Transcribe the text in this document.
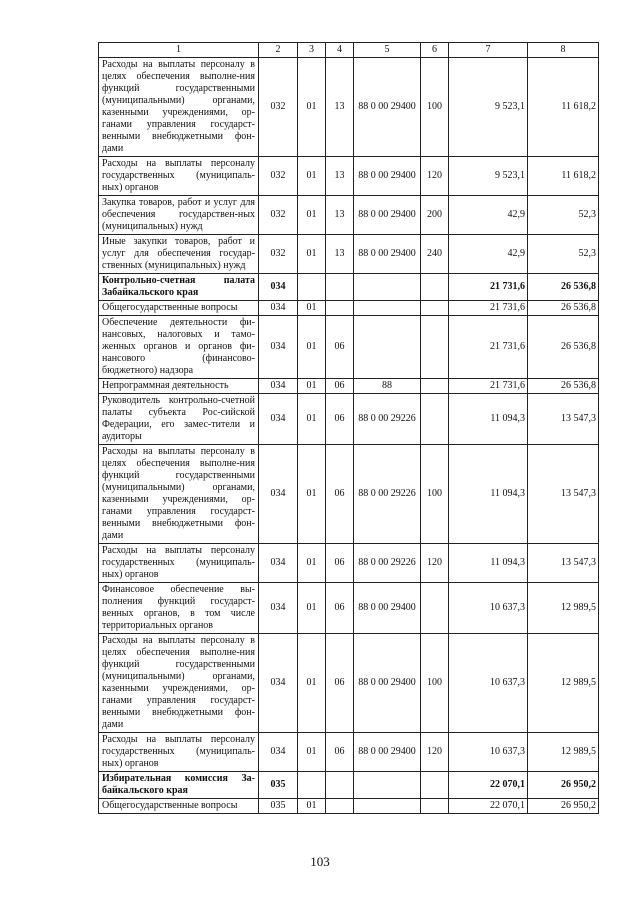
1	2	3	4	5	6	7	8
Расходы на выплаты персоналу в целях обеспечения выполне-ния функций государственными (муниципальными) органами, казенными учреждениями, ор-ганами управления государст-венными внебюджетными фон-дами	032	01	13	88 0 00 29400	100	9 523,1	11 618,2
Расходы на выплаты персоналу государственных (муниципаль-ных) органов	032	01	13	88 0 00 29400	120	9 523,1	11 618,2
Закупка товаров, работ и услуг для обеспечения государствен-ных (муниципальных) нужд	032	01	13	88 0 00 29400	200	42,9	52,3
Иные закупки товаров, работ и услуг для обеспечения государ-ственных (муниципальных) нужд	032	01	13	88 0 00 29400	240	42,9	52,3
Контрольно-счетная палата Забайкальского края	034					21 731,6	26 536,8
Общегосударственные вопросы	034	01				21 731,6	26 536,8
Обеспечение деятельности фи-нансовых, налоговых и тамо-женных органов и органов фи-нансового (финансово-бюджетного) надзора	034	01	06			21 731,6	26 536,8
Непрограммная деятельность	034	01	06	88		21 731,6	26 536,8
Руководитель контрольно-счетной палаты субъекта Рос-сийской Федерации, его замес-тители и аудиторы	034	01	06	88 0 00 29226		11 094,3	13 547,3
Расходы на выплаты персоналу в целях обеспечения выполне-ния функций государственными (муниципальными) органами, казенными учреждениями, ор-ганами управления государст-венными внебюджетными фон-дами	034	01	06	88 0 00 29226	100	11 094,3	13 547,3
Расходы на выплаты персоналу государственных (муниципаль-ных) органов	034	01	06	88 0 00 29226	120	11 094,3	13 547,3
Финансовое обеспечение вы-полнения функций государст-венных органов, в том числе территориальных органов	034	01	06	88 0 00 29400		10 637,3	12 989,5
Расходы на выплаты персоналу в целях обеспечения выполне-ния функций государственными (муниципальными) органами, казенными учреждениями, ор-ганами управления государст-венными внебюджетными фон-дами	034	01	06	88 0 00 29400	100	10 637,3	12 989,5
Расходы на выплаты персоналу государственных (муниципаль-ных) органов	034	01	06	88 0 00 29400	120	10 637,3	12 989,5
Избирательная комиссия За-байкальского края	035					22 070,1	26 950,2
Общегосударственные вопросы	035	01				22 070,1	26 950,2
103
